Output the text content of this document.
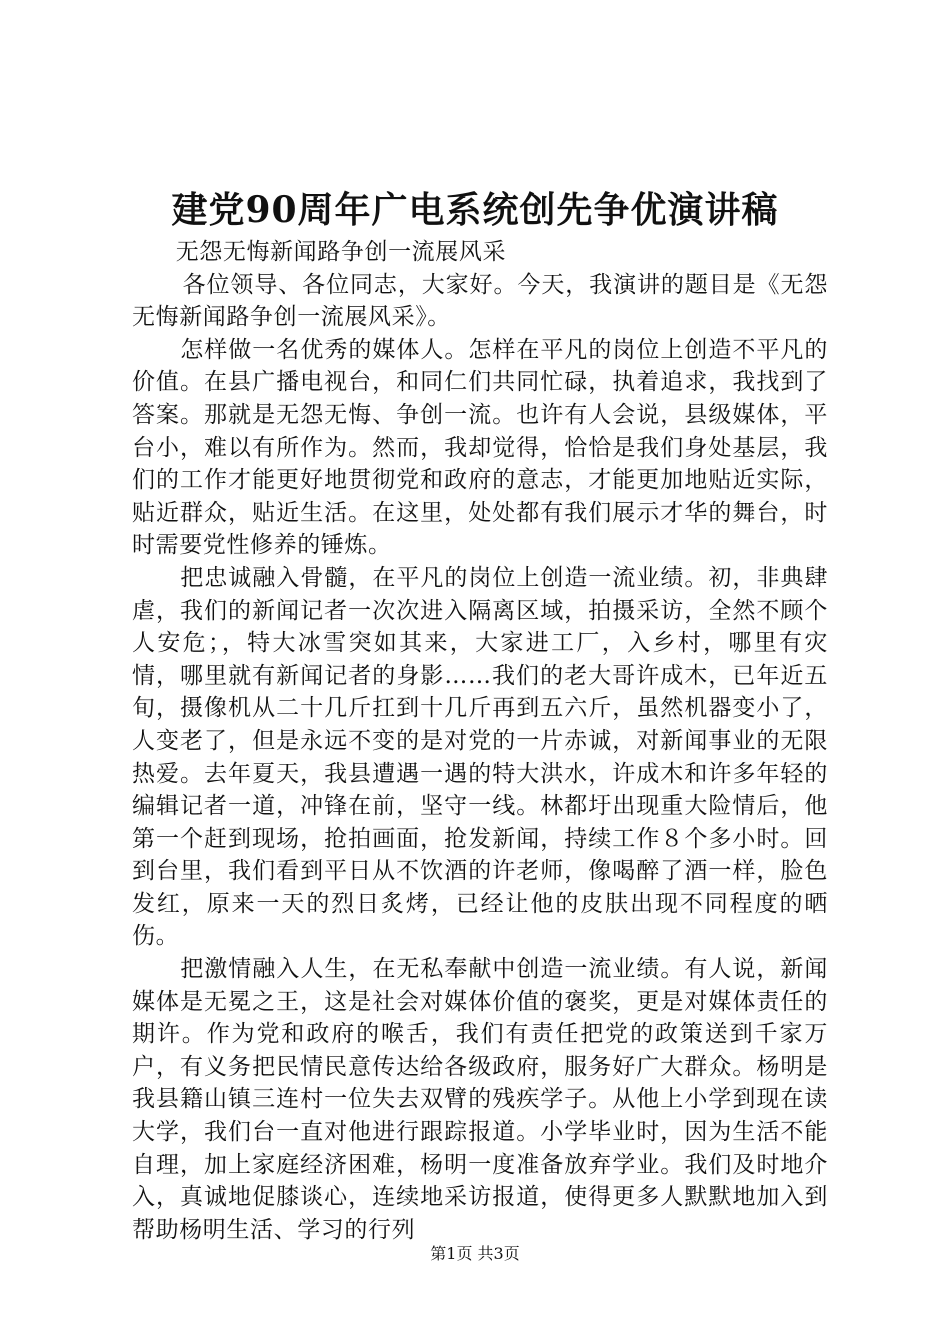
建党90周年广电系统创先争优演讲稿

无怨无悔新闻路争创一流展风采

各位领导、各位同志，大家好。今天，我演讲的题目是《无怨无悔新闻路争创一流展风采》。

怎样做一名优秀的媒体人。怎样在平凡的岗位上创造不平凡的价值。在县广播电视台，和同仁们共同忙碌，执着追求，我找到了答案。那就是无怨无悔、争创一流。也许有人会说，县级媒体，平台小，难以有所作为。然而，我却觉得，恰恰是我们身处基层，我们的工作才能更好地贯彻党和政府的意志，才能更加地贴近实际，贴近群众，贴近生活。在这里，处处都有我们展示才华的舞台，时时需要党性修养的锤炼。

把忠诚融入骨髓，在平凡的岗位上创造一流业绩。初，非典肆虐，我们的新闻记者一次次进入隔离区域，拍摄采访，全然不顾个人安危；，特大冰雪突如其来，大家进工厂，入乡村，哪里有灾情，哪里就有新闻记者的身影……我们的老大哥许成木，已年近五旬，摄像机从二十几斤扛到十几斤再到五六斤，虽然机器变小了，人变老了，但是永远不变的是对党的一片赤诚，对新闻事业的无限热爱。去年夏天，我县遭遇一遇的特大洪水，许成木和许多年轻的编辑记者一道，冲锋在前，坚守一线。林都圩出现重大险情后，他第一个赶到现场，抢拍画面，抢发新闻，持续工作８个多小时。回到台里，我们看到平日从不饮酒的许老师，像喝醉了酒一样，脸色发红，原来一天的烈日炙烤，已经让他的皮肤出现不同程度的晒伤。

把激情融入人生，在无私奉献中创造一流业绩。有人说，新闻媒体是无冕之王，这是社会对媒体价值的褒奖，更是对媒体责任的期许。作为党和政府的喉舌，我们有责任把党的政策送到千家万户，有义务把民情民意传达给各级政府，服务好广大群众。杨明是我县籍山镇三连村一位失去双臂的残疾学子。从他上小学到现在读大学，我们台一直对他进行跟踪报道。小学毕业时，因为生活不能自理，加上家庭经济困难，杨明一度准备放弃学业。我们及时地介入，真诚地促膝谈心，连续地采访报道，使得更多人默默地加入到帮助杨明生活、学习的行列

第1页 共3页
